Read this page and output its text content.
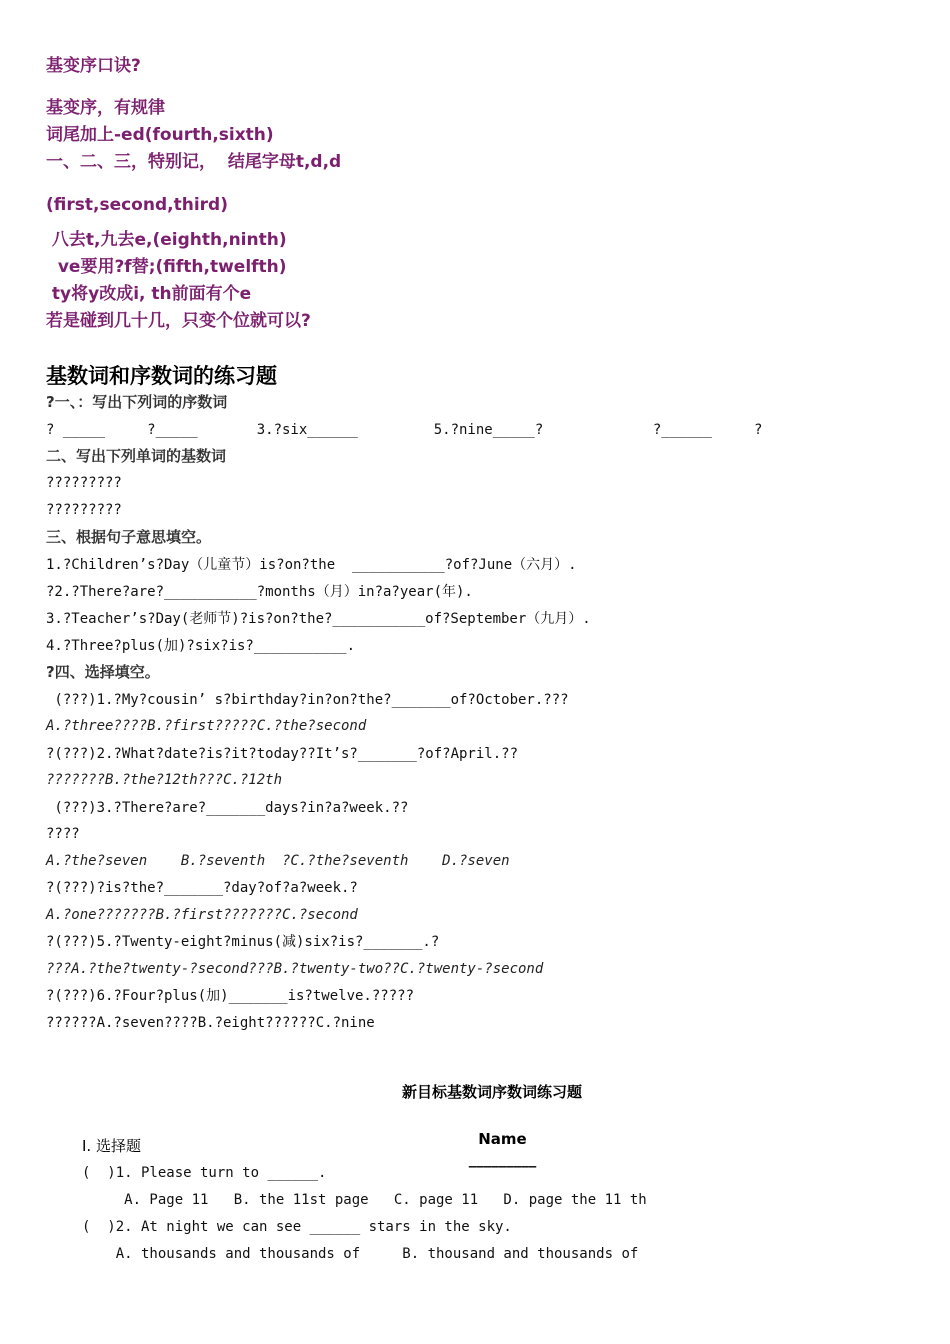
基变序口诀?
基变序，有规律
词尾加上-ed(fourth,sixth)
一、二、三，特别记，  结尾字母t,d,d
(first,second,third)
八去t,九去e,(eighth,ninth)
ve要用?f替;(fifth,twelfth)
ty将y改成i, th前面有个e
若是碰到几十几，只变个位就可以?
基数词和序数词的练习题
?一、：写出下列词的序数词
? _____     ?_____       3.?six______         5.?nine_____?             ?______     ?
二、写出下列单词的基数词
?????????
?????????
三、根据句子意思填空。
1.?Children’s?Day（儿童节）is?on?the  ___________?of?June（六月）.
?2.?There?are?___________?months（月）in?a?year(年).
3.?Teacher’s?Day(老师节)?is?on?the?___________of?September（九月）.
4.?Three?plus(加)?six?is?___________.
?四、选择填空。
(???)1.?My?cousin’ s?birthday?in?on?the?_______of?October.???
A.?three????B.?first?????C.?the?second
?(???)2.?What?date?is?it?today??It’s?_______?of?April.??
???????B.?the?12th???C.?12th
(???)3.?There?are?_______days?in?a?week.??
????
A.?the?seven    B.?seventh  ?C.?the?seventh    D.?seven
?(???)?is?the?_______?day?of?a?week.?
A.?one???????B.?first???????C.?second
?(???)5.?Twenty-eight?minus(减)six?is?_______.?
???A.?the?twenty-?second???B.?twenty-two??C.?twenty-?second
?(???)6.?Four?plus(加)_______is?twelve.?????
??????A.?seven????B.?eight??????C.?nine
新目标基数词序数词练习题

Name
_________

Ⅰ. 选择题
(  )1. Please turn to ______.
A. Page 11   B. the 11st page   C. page 11   D. page the 11 th
(  )2. At night we can see ______ stars in the sky.
A. thousands and thousands of     B. thousand and thousands of
